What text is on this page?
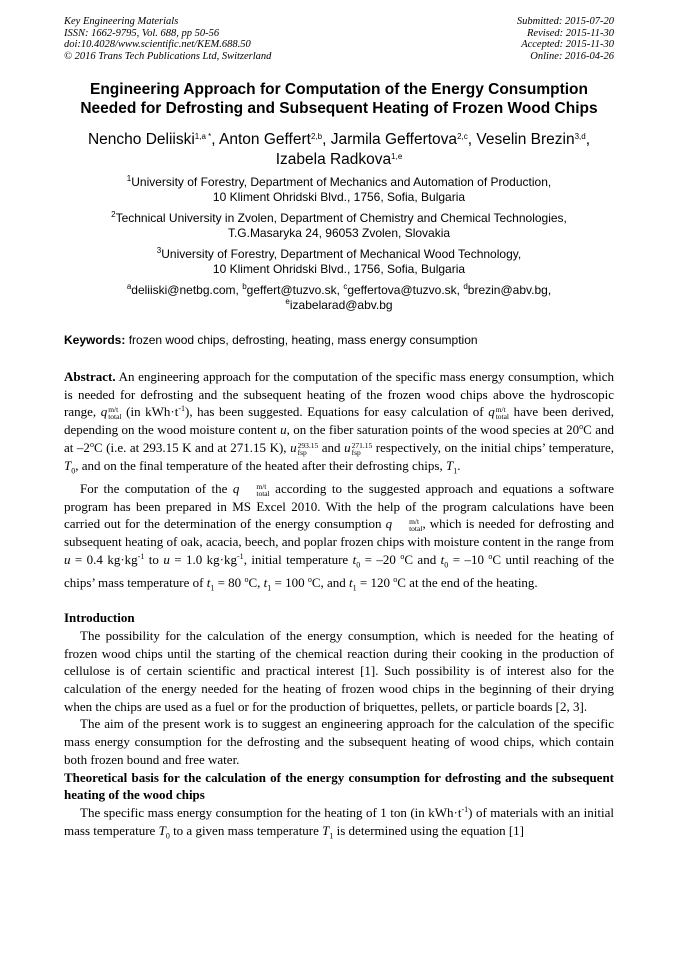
Key Engineering Materials
ISSN: 1662-9795, Vol. 688, pp 50-56
doi:10.4028/www.scientific.net/KEM.688.50
© 2016 Trans Tech Publications Ltd, Switzerland
Submitted: 2015-07-20
Revised: 2015-11-30
Accepted: 2015-11-30
Online: 2016-04-26
Engineering Approach for Computation of the Energy Consumption
Needed for Defrosting and Subsequent Heating of Frozen Wood Chips
Nencho Deliiski$^{1,a *}$, Anton Geffert$^{2,b}$, Jarmila Geffertova$^{2,c}$, Veselin Brezin$^{3,d}$,
Izabela Radkova$^{1,e}$
$^1$University of Forestry, Department of Mechanics and Automation of Production,
10 Kliment Ohridski Blvd., 1756, Sofia, Bulgaria
$^2$Technical University in Zvolen, Department of Chemistry and Chemical Technologies,
T.G.Masaryka 24, 96053 Zvolen, Slovakia
$^3$University of Forestry, Department of Mechanical Wood Technology,
10 Kliment Ohridski Blvd., 1756, Sofia, Bulgaria
$^a$deliiski@netbg.com, $^b$geffert@tuzvo.sk, $^c$geffertova@tuzvo.sk, $^d$brezin@abv.bg,
$^e$izabelarad@abv.bg
Keywords: frozen wood chips, defrosting, heating, mass energy consumption

Abstract. An engineering approach for the computation of the specific mass energy consumption, which is needed for defrosting and the subsequent heating of the frozen wood chips above the hydroscopic range, q m/t
total (in $kWh\cdot t^{-1}$), has been suggested. Equations for easy calculation of q m/t
total have been derived, depending on the wood moisture content u, on the fiber saturation points of the wood species at 20$^o$C and at –2$^o$C (i.e. at 293.15 K and at 271.15 K), u 293.15
fsp	and u 271.15
fsp	respectively, on the initial chips’ temperature, $T_0$, and on the final temperature of the heated after their defrosting chips, $T_1$.

For the computation of the q	m/t
total according to the suggested approach and equations a software program has been prepared in MS Excel 2010. With the help of the program calculations have been carried out for the determination of the energy consumption q	m/t
total , which is needed for defrosting and subsequent heating of oak, acacia, beech, and poplar frozen chips with moisture content in the range from u = 0.4 $kg\cdot kg^{-1}$ to u = 1.0 $kg\cdot kg^{-1}$, initial temperature $t_0 = -20$ $^o$C and $t_0 = -10$ $^o$C until reaching of the chips’ mass temperature of $t_1 = 80$ $^o$C, $t_1 = 100$ $^o$C, and $t_1 = 120$ $^o$C at the end of the heating.

Introduction

The possibility for the calculation of the energy consumption, which is needed for the heating of frozen wood chips until the starting of the chemical reaction during their cooking in the production of cellulose is of certain scientific and practical interest [1]. Such possibility is of interest also for the calculation of the energy needed for the heating of frozen wood chips in the beginning of their drying when the chips are used as a fuel or for the production of briquettes, pellets, or particle boards [2, 3].

The aim of the present work is to suggest an engineering approach for the calculation of the specific mass energy consumption for the defrosting and the subsequent heating of wood chips, which contain both frozen bound and free water.

Theoretical basis for the calculation of the energy consumption for defrosting and the subsequent heating of the wood chips

The specific mass energy consumption for the heating of 1 ton (in $kWh\cdot t^{-1}$) of materials with an initial mass temperature $T_0$ to a given mass temperature $T_1$ is determined using the equation [1]
